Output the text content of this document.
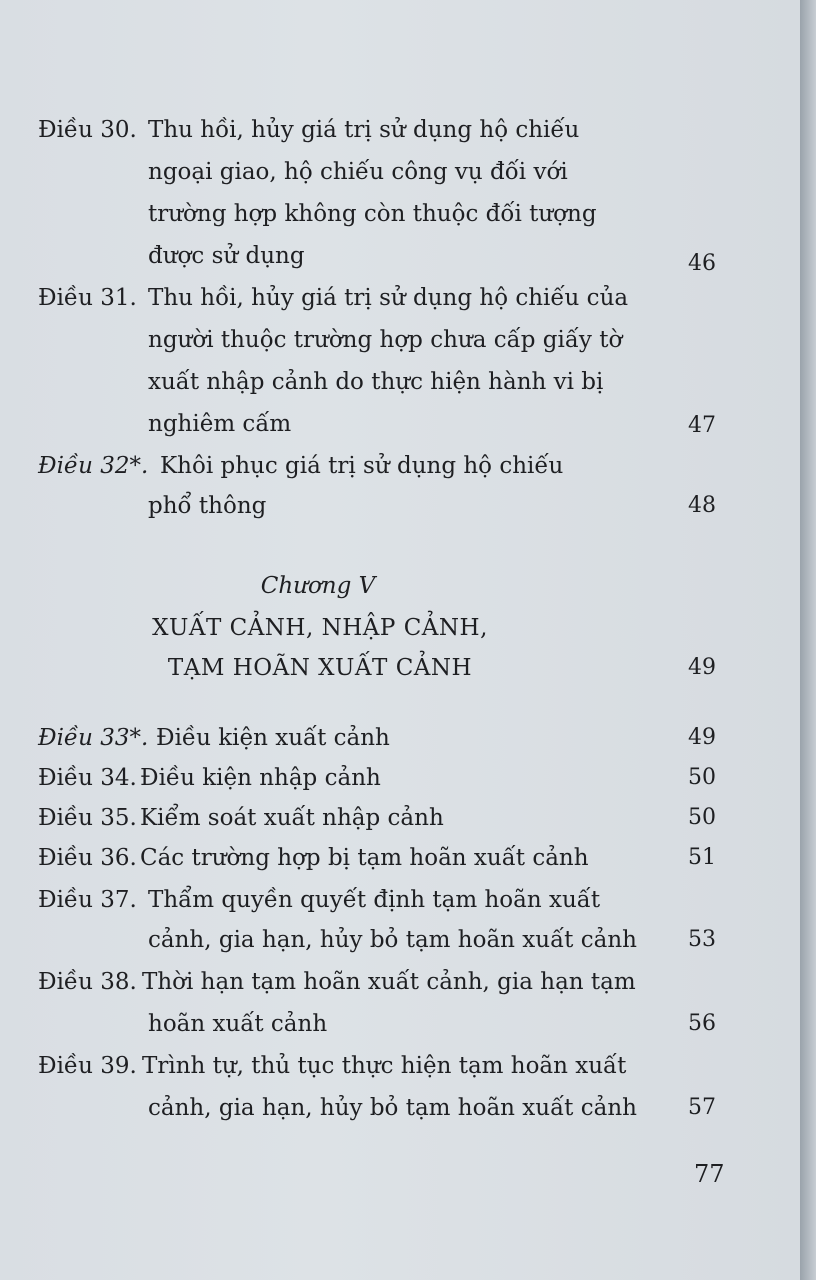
Điều 30. Thu hồi, hủy giá trị sử dụng hộ chiếu
ngoại giao, hộ chiếu công vụ đối với
trường hợp không còn thuộc đối tượng
được sử dụng	46
Điều 31. Thu hồi, hủy giá trị sử dụng hộ chiếu của
người thuộc trường hợp chưa cấp giấy tờ
xuất nhập cảnh do thực hiện hành vi bị
nghiêm cấm	47
Điều 32*. Khôi phục giá trị sử dụng hộ chiếu
phổ thông	48
Chương V
XUẤT CẢNH, NHẬP CẢNH,
TẠM HOÃN XUẤT CẢNH	49
Điều 33*. Điều kiện xuất cảnh	49
Điều 34. Điều kiện nhập cảnh	50
Điều 35. Kiểm soát xuất nhập cảnh	50
Điều 36. Các trường hợp bị tạm hoãn xuất cảnh	51
Điều 37. Thẩm quyền quyết định tạm hoãn xuất
cảnh, gia hạn, hủy bỏ tạm hoãn xuất cảnh	53
Điều 38. Thời hạn tạm hoãn xuất cảnh, gia hạn tạm
hoãn xuất cảnh	56
Điều 39. Trình tự, thủ tục thực hiện tạm hoãn xuất
cảnh, gia hạn, hủy bỏ tạm hoãn xuất cảnh	57
77
